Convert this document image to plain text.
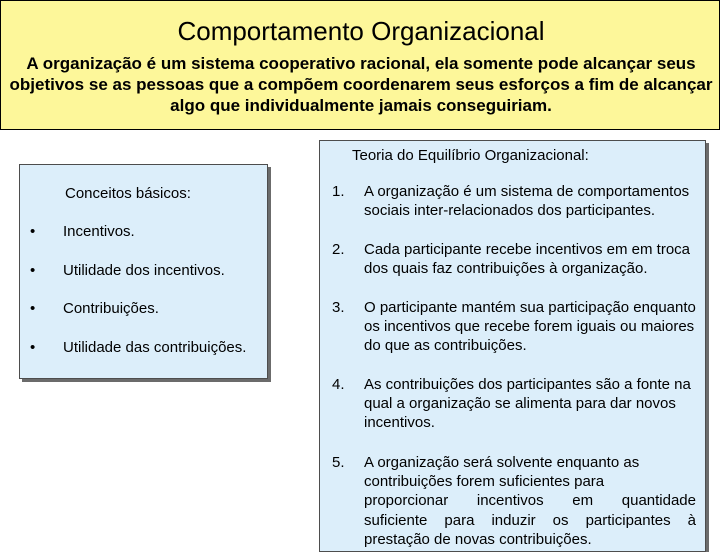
Comportamento Organizacional
A organização é um sistema cooperativo racional, ela somente pode alcançar seus
objetivos se as pessoas que a compõem coordenarem seus esforços a fim de alcançar
algo que individualmente jamais conseguiriam.
Conceitos básicos:
• Incentivos.
• Utilidade dos incentivos.
• Contribuições.
• Utilidade das contribuições.
Teoria do Equilíbrio Organizacional:
1. A organização é um sistema de comportamentos sociais inter-relacionados dos participantes.
2. Cada participante recebe incentivos em em troca dos quais faz contribuições à organização.
3. O participante mantém sua participação enquanto os incentivos que recebe forem iguais ou maiores do que as contribuições.
4. As contribuições dos participantes são a fonte na qual a organização se alimenta para dar novos incentivos.
5. A organização será solvente enquanto as
contribuições forem suficientes para
proporcionar incentivos em quantidade
suficiente para induzir os participantes à
prestação de novas contribuições.
